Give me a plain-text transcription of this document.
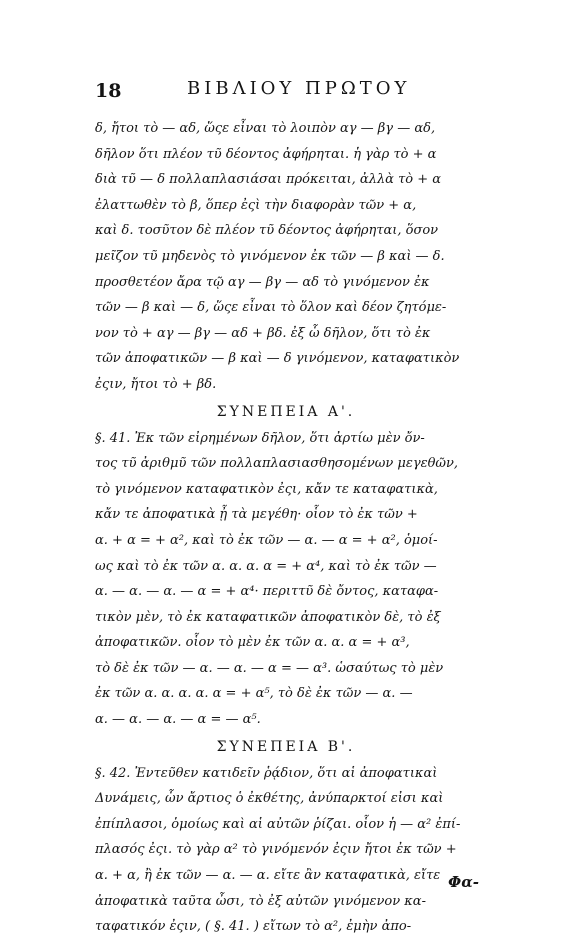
18	ΒΙΒΛΙΟΥ ΠΡΩΤΟΥ
δ, ἤτοι τὸ — αδ, ὥςε εἶναι τὸ λοιπὸν αγ — βγ — αδ,
δῆλον ὅτι πλέον τῦ δέοντος ἀφήρηται. ἡ γὰρ τὸ + α
διὰ τῦ — δ πολλαπλασιάσαι πρόκειται, ἀλλὰ τὸ + α
ἐλαττωθὲν τὸ β, ὅπερ ἐςὶ τὴν διαφορὰν τῶν + α,
καὶ δ. τοσῦτον δὲ πλέον τῦ δέοντος ἀφήρηται, ὅσον
μεῖζον τῦ μηδενὸς τὸ γινόμενον ἐκ τῶν — β καὶ — δ.
προσθετέον ἄρα τῷ αγ — βγ — αδ τὸ γινόμενον ἐκ
τῶν — β καὶ — δ, ὥςε εἶναι τὸ ὅλον καὶ δέον ζητόμε-
νον τὸ + αγ — βγ — αδ + βδ. ἐξ ὧ δῆλον, ὅτι τὸ ἐκ
τῶν ἀποφατικῶν — β καὶ — δ γινόμενον, καταφατικὸν
ἐςιν, ἤτοι τὸ + βδ.
ΣΥΝΕΠΕΙΑ Α'.
§. 41. Ἐκ τῶν εἰρημένων δῆλον, ὅτι ἀρτίω μὲν ὄν-
τος τῦ ἀριθμῦ τῶν πολλαπλασιασθησομένων μεγεθῶν,
τὸ γινόμενον καταφατικὸν ἐςι, κἄν τε καταφατικὰ,
κἄν τε ἀποφατικὰ ᾖ τὰ μεγέθη· οἷον τὸ ἐκ τῶν +
α. + α = + α², καὶ τὸ ἐκ τῶν — α. — α = + α², ὁμοί-
ως καὶ τὸ ἐκ τῶν α. α. α. α = + α⁴, καὶ τὸ ἐκ τῶν —
α. — α. — α. — α = + α⁴· περιττῦ δὲ ὄντος, καταφα-
τικὸν μὲν, τὸ ἐκ καταφατικῶν ἀποφατικὸν δὲ, τὸ ἐξ
ἀποφατικῶν. οἷον τὸ μὲν ἐκ τῶν α. α. α = + α³,
τὸ δὲ ἐκ τῶν — α. — α. — α = — α³. ὡσαύτως τὸ μὲν
ἐκ τῶν α. α. α. α. α = + α⁵, τὸ δὲ ἐκ τῶν — α. —
α. — α. — α. — α = — α⁵.
ΣΥΝΕΠΕΙΑ Β'.
§. 42. Ἐντεῦθεν κατιδεῖν ῥᾴδιον, ὅτι αἱ ἀποφατικαὶ
Δυνάμεις, ὧν ἄρτιος ὁ ἐκθέτης, ἀνύπαρκτοί εἰσι καὶ
ἐπίπλασοι, ὁμοίως καὶ αἱ αὐτῶν ῥίζαι. οἷον ἡ — α² ἐπί-
πλασός ἐςι. τὸ γὰρ α² τὸ γινόμενόν ἐςιν ἤτοι ἐκ τῶν +
α. + α, ἢ ἐκ τῶν — α. — α. εἴτε ἂν καταφατικὰ, εἴτε
ἀποφατικὰ ταῦτα ὦσι, τὸ ἐξ αὐτῶν γινόμενον κα-
ταφατικόν ἐςιν, ( §. 41. ) εἴτων τὸ α², ἐμὴν ἀπο-
Φα-
